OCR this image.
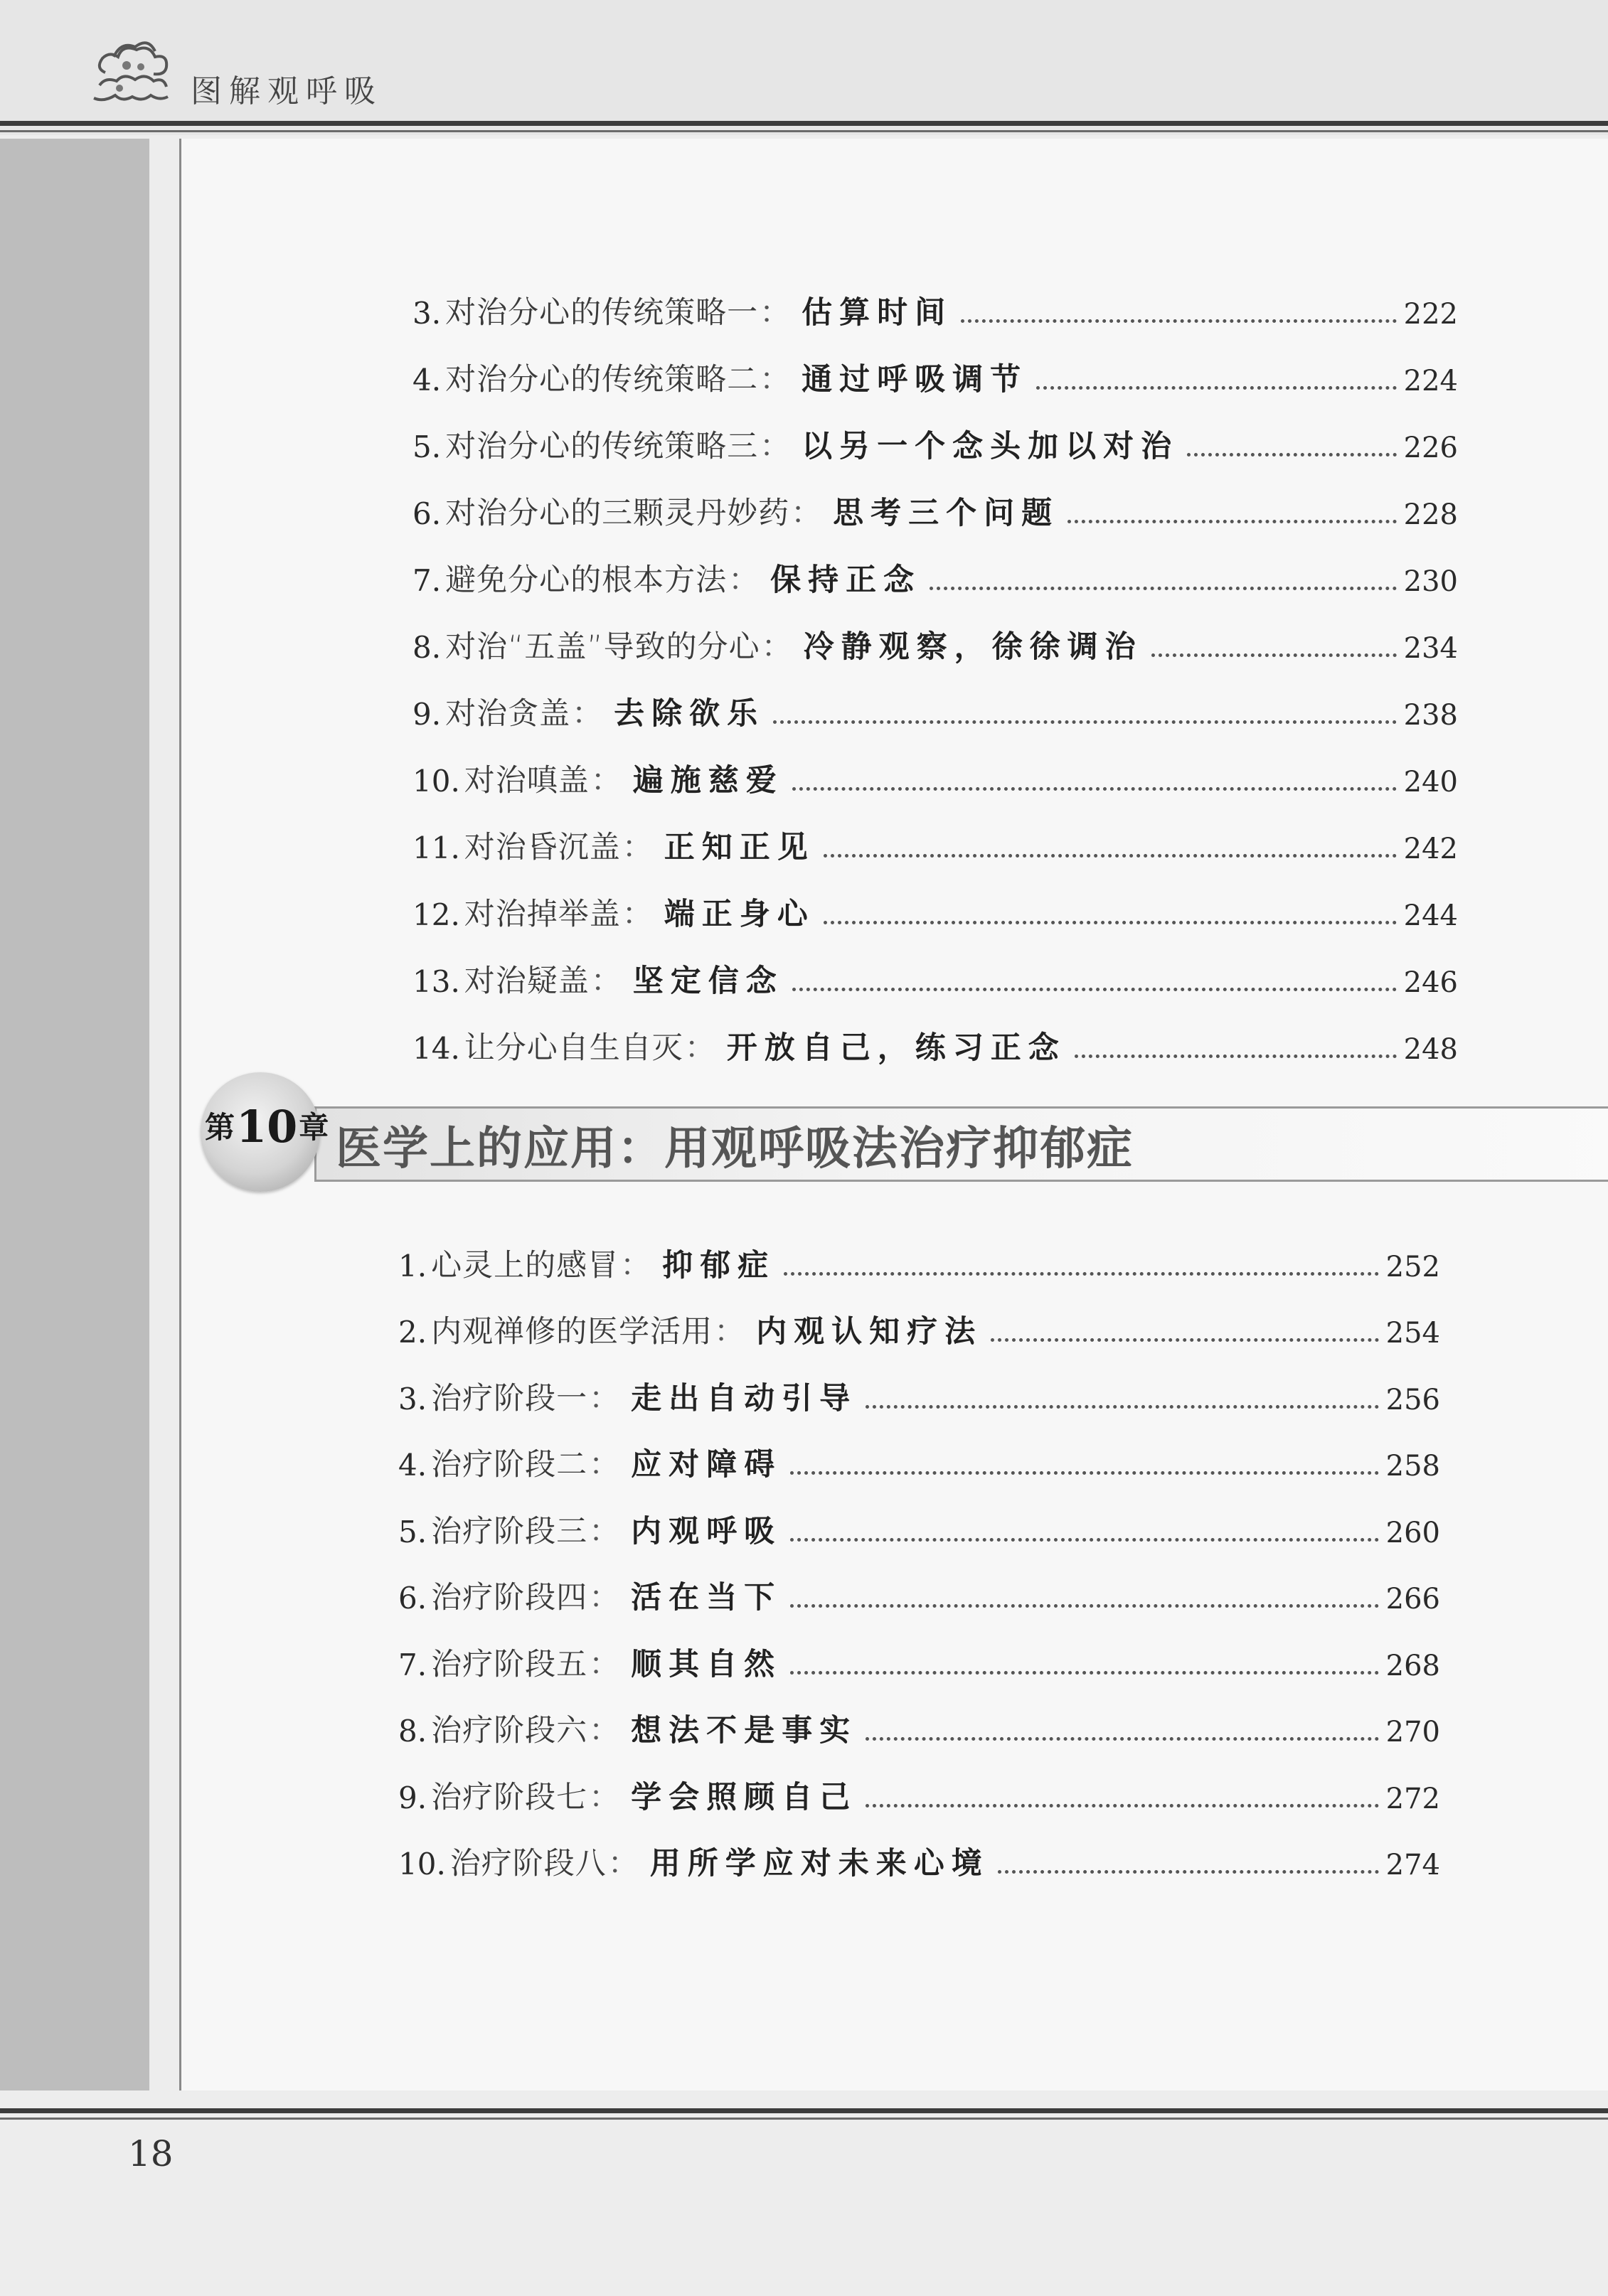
图解观呼吸
3. 对治分心的传统策略一 ： 估算时间	222
4. 对治分心的传统策略二 ： 通过呼吸调节	224
5. 对治分心的传统策略三 ： 以另一个念头加以对治	226
6. 对治分心的三颗灵丹妙药 ： 思考三个问题	228
7. 避免分心的根本方法 ： 保持正念	230
8. 对治“五盖”导致的分心 ： 冷静观察，徐徐调治	234
9. 对治贪盖 ： 去除欲乐	238
10. 对治嗔盖 ： 遍施慈爱	240
11. 对治昏沉盖 ： 正知正见	242
12. 对治掉举盖 ： 端正身心	244
13. 对治疑盖 ： 坚定信念	246
14. 让分心自生自灭 ： 开放自己，练习正念	248
第10章 医学上的应用：用观呼吸法治疗抑郁症
1. 心灵上的感冒 ： 抑郁症	252
2. 内观禅修的医学活用 ： 内观认知疗法	254
3. 治疗阶段一 ： 走出自动引导	256
4. 治疗阶段二 ： 应对障碍	258
5. 治疗阶段三 ： 内观呼吸	260
6. 治疗阶段四 ： 活在当下	266
7. 治疗阶段五 ： 顺其自然	268
8. 治疗阶段六 ： 想法不是事实	270
9. 治疗阶段七 ： 学会照顾自己	272
10. 治疗阶段八 ： 用所学应对未来心境	274
18
